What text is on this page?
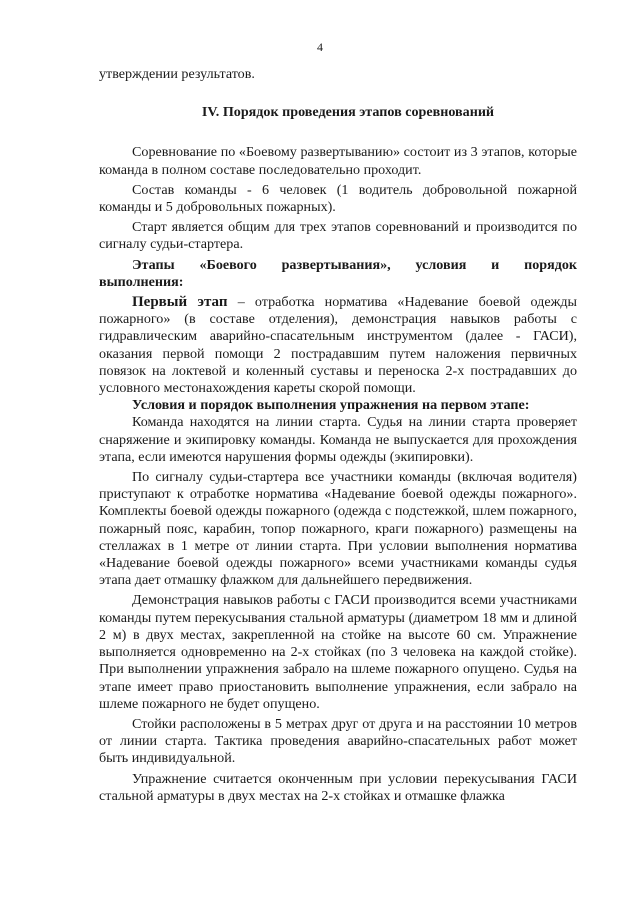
4

утверждении результатов.

IV. Порядок проведения этапов соревнований

Соревнование по «Боевому развертыванию» состоит из 3 этапов, которые команда в полном составе последовательно проходит.

Состав команды - 6 человек (1 водитель добровольной пожарной команды и 5 добровольных пожарных).

Старт является общим для трех этапов соревнований и производится по сигналу судьи-стартера.

Этапы «Боевого развертывания», условия и порядок

выполнения:

Первый этап – отработка норматива «Надевание боевой одежды пожарного» (в составе отделения), демонстрация навыков работы с гидравлическим аварийно-спасательным инструментом (далее - ГАСИ), оказания первой помощи 2 пострадавшим путем наложения первичных повязок на локтевой и коленный суставы и переноска 2-х пострадавших до условного местонахождения кареты скорой помощи.

Условия и порядок выполнения упражнения на первом этапе:

Команда находятся на линии старта. Судья на линии старта проверяет снаряжение и экипировку команды. Команда не выпускается для прохождения этапа, если имеются нарушения формы одежды (экипировки).

По сигналу судьи-стартера все участники команды (включая водителя) приступают к отработке норматива «Надевание боевой одежды пожарного». Комплекты боевой одежды пожарного (одежда с подстежкой, шлем пожарного, пожарный пояс, карабин, топор пожарного, краги пожарного) размещены на стеллажах в 1 метре от линии старта. При условии выполнения норматива «Надевание боевой одежды пожарного» всеми участниками команды судья этапа дает отмашку флажком для дальнейшего передвижения.

Демонстрация навыков работы с ГАСИ производится всеми участниками команды путем перекусывания стальной арматуры (диаметром 18 мм и длиной 2 м) в двух местах, закрепленной на стойке на высоте 60 см. Упражнение выполняется одновременно на 2-х стойках (по 3 человека на каждой стойке). При выполнении упражнения забрало на шлеме пожарного опущено. Судья на этапе имеет право приостановить выполнение упражнения, если забрало на шлеме пожарного не будет опущено.

Стойки расположены в 5 метрах друг от друга и на расстоянии 10 метров от линии старта. Тактика проведения аварийно-спасательных работ может быть индивидуальной.

Упражнение считается оконченным при условии перекусывания ГАСИ стальной арматуры в двух местах на 2-х стойках и отмашке флажка
